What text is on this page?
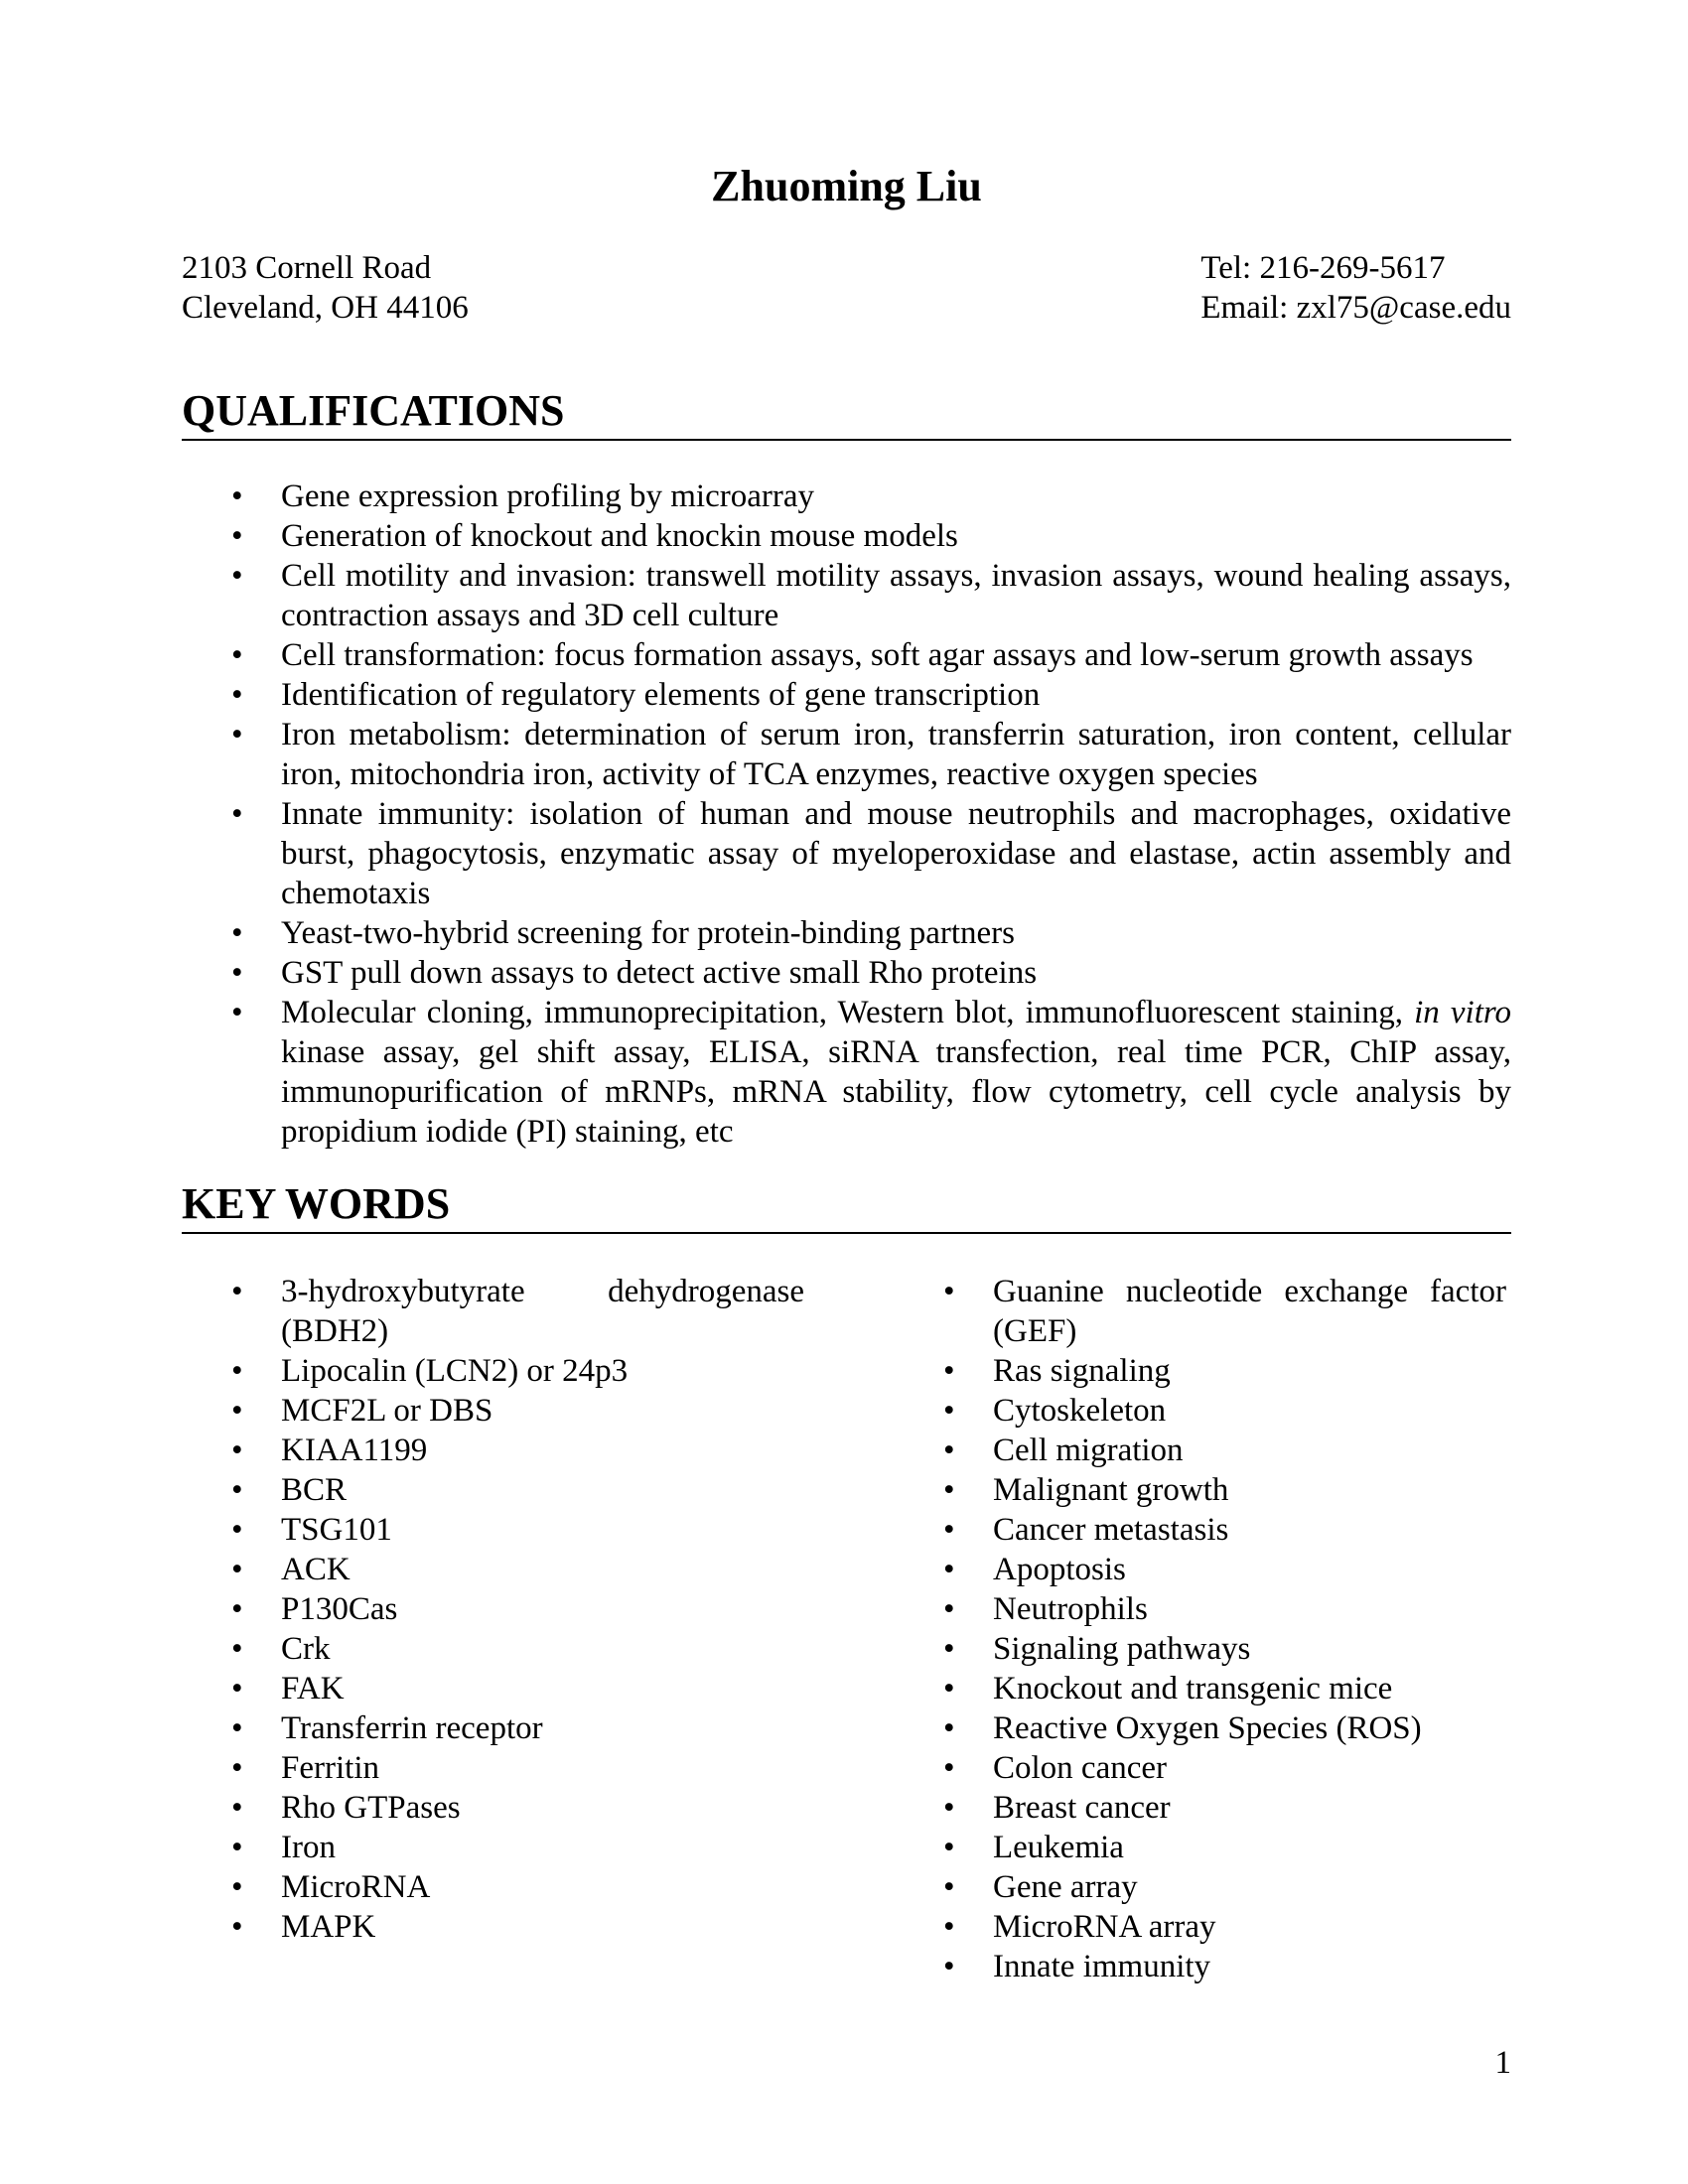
Zhuoming Liu
2103 Cornell Road
Cleveland, OH 44106
Tel: 216-269-5617
Email: zxl75@case.edu
QUALIFICATIONS
• Gene expression profiling by microarray
• Generation of knockout and knockin mouse models
• Cell motility and invasion: transwell motility assays, invasion assays, wound healing assays, contraction assays and 3D cell culture
• Cell transformation: focus formation assays, soft agar assays and low-serum growth assays
• Identification of regulatory elements of gene transcription
• Iron metabolism: determination of serum iron, transferrin saturation, iron content, cellular iron, mitochondria iron, activity of TCA enzymes, reactive oxygen species
• Innate immunity: isolation of human and mouse neutrophils and macrophages, oxidative burst, phagocytosis, enzymatic assay of myeloperoxidase and elastase, actin assembly and chemotaxis
• Yeast-two-hybrid screening for protein-binding partners
• GST pull down assays to detect active small Rho proteins
• Molecular cloning, immunoprecipitation, Western blot, immunofluorescent staining, in vitro kinase assay, gel shift assay, ELISA, siRNA transfection, real time PCR, ChIP assay, immunopurification of mRNPs, mRNA stability, flow cytometry, cell cycle analysis by propidium iodide (PI) staining, etc
KEY WORDS
• 3-hydroxybutyrate dehydrogenase (BDH2)
• Lipocalin (LCN2) or 24p3
• MCF2L or DBS
• KIAA1199
• BCR
• TSG101
• ACK
• P130Cas
• Crk
• FAK
• Transferrin receptor
• Ferritin
• Rho GTPases
• Iron
• MicroRNA
• MAPK
• Guanine nucleotide exchange factor (GEF)
• Ras signaling
• Cytoskeleton
• Cell migration
• Malignant growth
• Cancer metastasis
• Apoptosis
• Neutrophils
• Signaling pathways
• Knockout and transgenic mice
• Reactive Oxygen Species (ROS)
• Colon cancer
• Breast cancer
• Leukemia
• Gene array
• MicroRNA array
• Innate immunity
1
